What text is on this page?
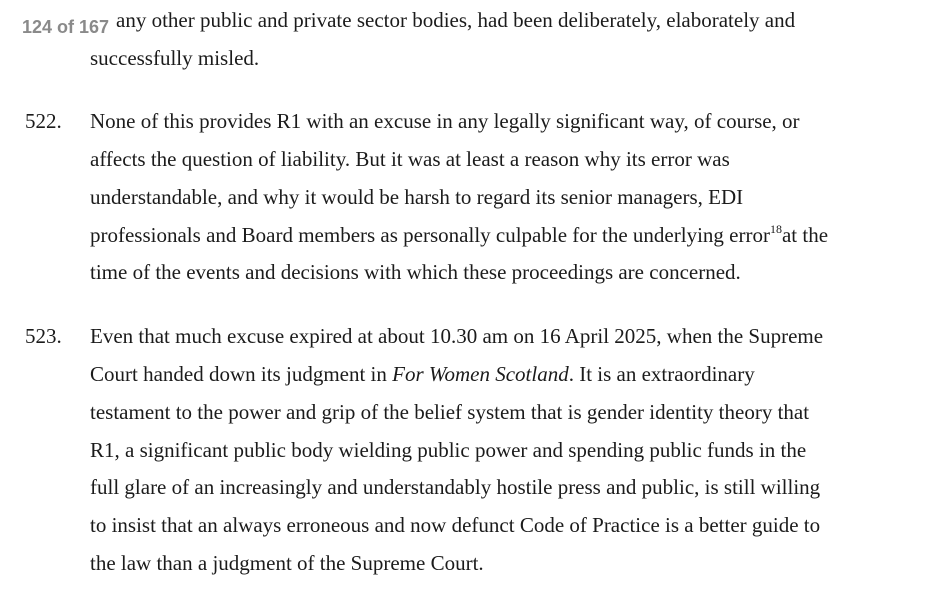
124 of 167 any other public and private sector bodies, had been deliberately, elaborately and
successfully misled.
522. None of this provides R1 with an excuse in any legally significant way, of course, or
affects the question of liability. But it was at least a reason why its error was
understandable, and why it would be harsh to regard its senior managers, EDI
professionals and Board members as personally culpable for the underlying error$^{18}$at the
time of the events and decisions with which these proceedings are concerned.
523. Even that much excuse expired at about 10.30 am on 16 April 2025, when the Supreme
Court handed down its judgment in For Women Scotland. It is an extraordinary
testament to the power and grip of the belief system that is gender identity theory that
R1, a significant public body wielding public power and spending public funds in the
full glare of an increasingly and understandably hostile press and public, is still willing
to insist that an always erroneous and now defunct Code of Practice is a better guide to
the law than a judgment of the Supreme Court.
